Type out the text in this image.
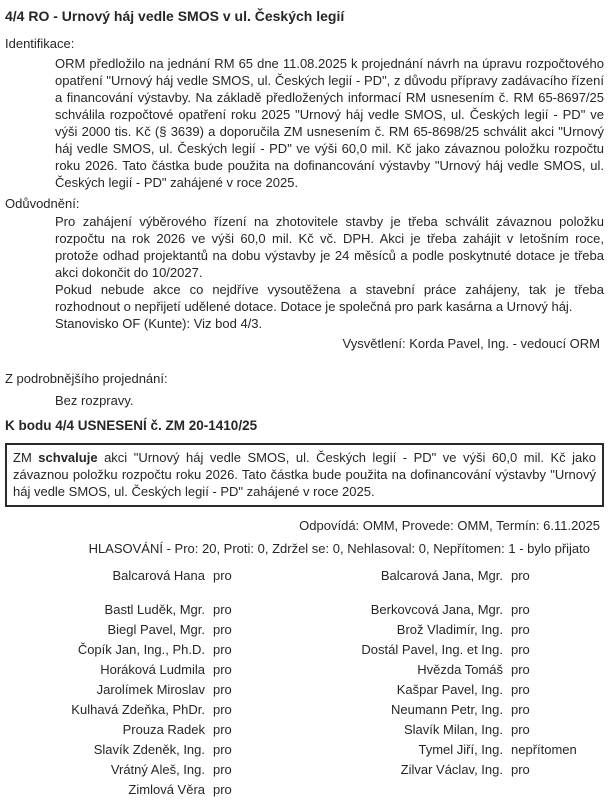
4/4 RO - Urnový háj vedle SMOS v ul. Českých legií
Identifikace:
ORM předložilo na jednání RM 65 dne 11.08.2025 k projednání návrh na úpravu rozpočtového opatření "Urnový háj vedle SMOS, ul. Českých legií - PD", z důvodu přípravy zadávacího řízení a financování výstavby. Na základě předložených informací RM usnesením č. RM 65-8697/25 schválila rozpočtové opatření roku 2025 "Urnový háj vedle SMOS, ul. Českých legií - PD" ve výši 2000 tis. Kč (§ 3639) a doporučila ZM usnesením č. RM 65-8698/25 schválit akci "Urnový háj vedle SMOS, ul. Českých legií - PD" ve výši 60,0 mil. Kč jako závaznou položku rozpočtu roku 2026. Tato částka bude použita na dofinancování výstavby "Urnový háj vedle SMOS, ul. Českých legií - PD" zahájené v roce 2025.
Odůvodnění:
Pro zahájení výběrového řízení na zhotovitele stavby je třeba schválit závaznou položku rozpočtu na rok 2026 ve výši 60,0 mil. Kč vč. DPH. Akci je třeba zahájit v letošním roce, protože odhad projektantů na dobu výstavby je 24 měsíců a podle poskytnuté dotace je třeba akci dokončit do 10/2027.
Pokud nebude akce co nejdříve vysoutěžena a stavební práce zahájeny, tak je třeba rozhodnout o nepřijetí udělené dotace. Dotace je společná pro park kasárna a Urnový háj.
Stanovisko OF (Kunte): Viz bod 4/3.
Vysvětlení: Korda Pavel, Ing. - vedoucí ORM
Z podrobnějšího projednání:
Bez rozpravy.
K bodu 4/4 USNESENÍ č. ZM 20-1410/25
ZM schvaluje akci "Urnový háj vedle SMOS, ul. Českých legií - PD" ve výši 60,0 mil. Kč jako závaznou položku rozpočtu roku 2026. Tato částka bude použita na dofinancování výstavby "Urnový háj vedle SMOS, ul. Českých legií - PD" zahájené v roce 2025.
Odpovídá: OMM, Provede: OMM, Termín: 6.11.2025
HLASOVÁNÍ - Pro: 20, Proti: 0, Zdržel se: 0, Nehlasoval: 0, Nepřítomen: 1 - bylo přijato
Balcarová Hana pro	Balcarová Jana, Mgr. pro
Bastl Luděk, Mgr. pro	Berkovcová Jana, Mgr. pro
Biegl Pavel, Mgr. pro	Brož Vladimír, Ing. pro
Čopík Jan, Ing., Ph.D. pro	Dostál Pavel, Ing. et Ing. pro
Horáková Ludmila pro	Hvězda Tomáš pro
Jarolímek Miroslav pro	Kašpar Pavel, Ing. pro
Kulhavá Zdeňka, PhDr. pro	Neumann Petr, Ing. pro
Prouza Radek pro	Slavík Milan, Ing. pro
Slavík Zdeněk, Ing. pro	Tymel Jiří, Ing. nepřítomen
Vrátný Aleš, Ing. pro	Zilvar Václav, Ing. pro
Zimlová Věra pro
